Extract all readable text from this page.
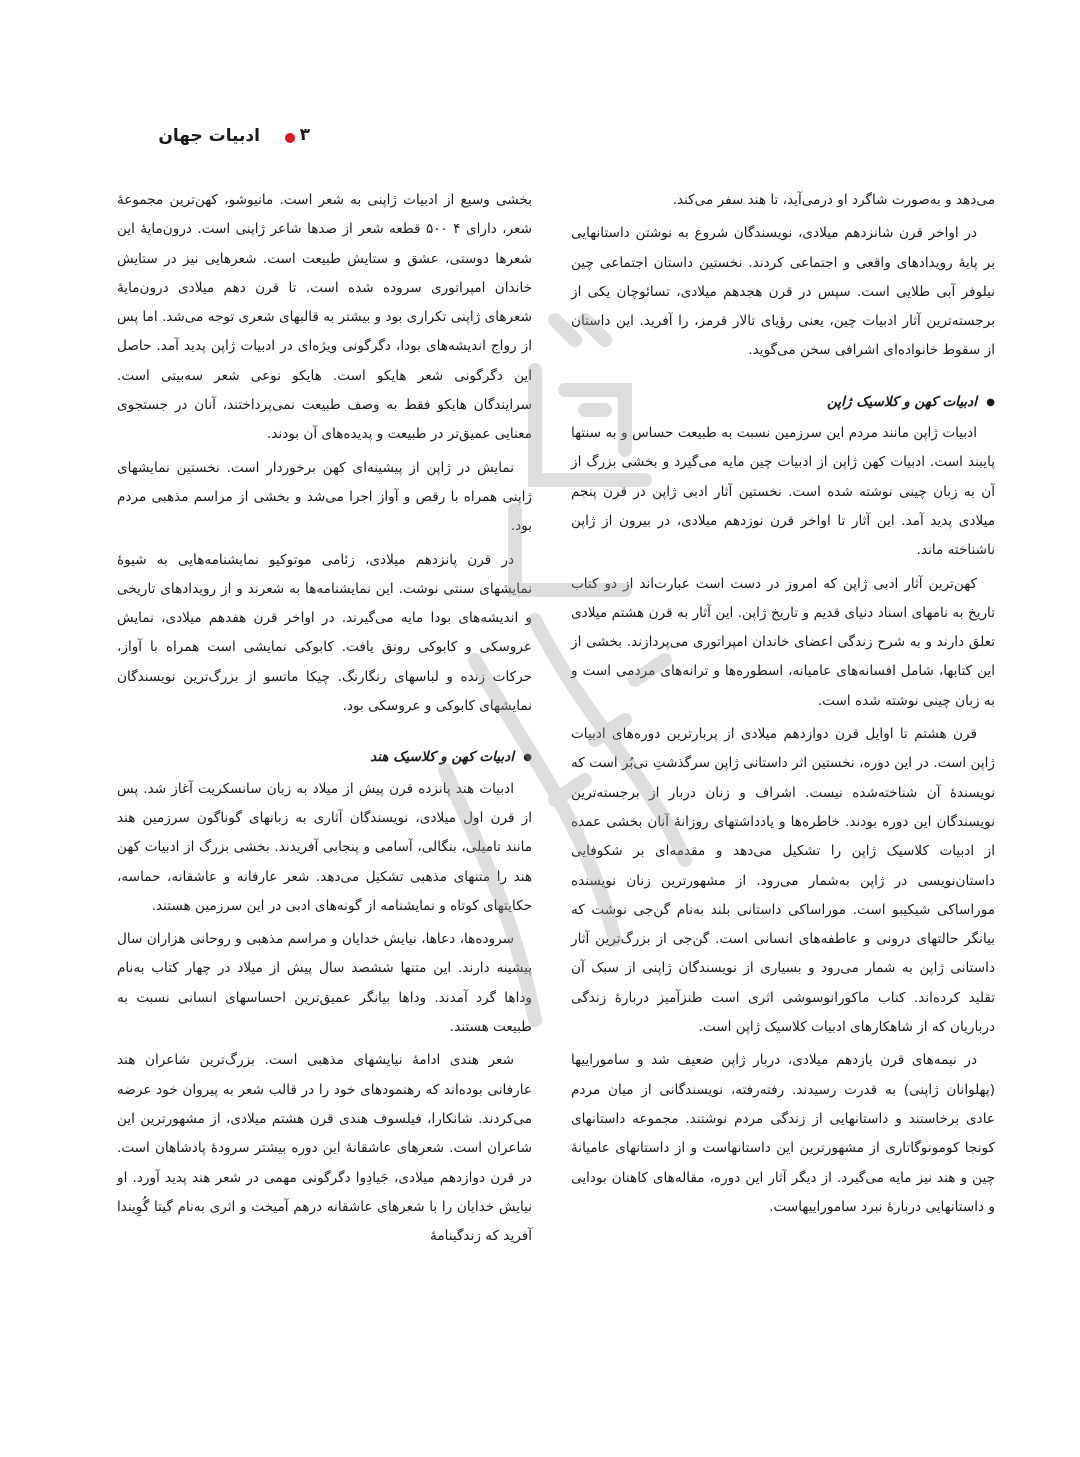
ادبیات جهان ۳

می‌دهد و به‌صورت شاگرد او درمی‌آید، تا هند سفر می‌کند.

در اواخر قرن شانزدهم میلادی، نویسندگان شروع به نوشتن داستانهایی بر پایهٔ رویدادهای واقعی و اجتماعی کردند. نخستین داستان اجتماعی چین نیلوفر آبی طلایی است. سپس در قرن هجدهم میلادی، تسائوچان یکی از برجسته‌ترین آثار ادبیات چین، یعنی رؤیای تالار قرمز، را آفرید. این داستان از سقوط خانواده‌ای اشرافی سخن می‌گوید.

● ادبیات کهن و کلاسیک ژاپن

ادبیات ژاپن مانند مردم این سرزمین نسبت به طبیعت حساس و به سنتها پایبند است. ادبیات کهن ژاپن از ادبیات چین مایه می‌گیرد و بخشی بزرگ از آن به زبان چینی نوشته شده است. نخستین آثار ادبی ژاپن در قرن پنجم میلادی پدید آمد. این آثار تا اواخر قرن نوزدهم میلادی، در بیرون از ژاپن ناشناخته ماند.

کهن‌ترین آثار ادبی ژاپن که امروز در دست است عبارت‌اند از دو کتاب تاریخ به نامهای اسناد دنیای قدیم و تاریخ ژاپن. این آثار به قرن هشتم میلادی تعلق دارند و به شرح زندگی اعضای خاندان امپراتوری می‌پردازند. بخشی از این کتابها، شامل افسانه‌های عامیانه، اسطوره‌ها و ترانه‌های مردمی است و به زبان چینی نوشته شده است.

قرن هشتم تا اوایل قرن دوازدهم میلادی از پربارترین دوره‌های ادبیات ژاپن است. در این دوره، نخستین اثر داستانی ژاپن سرگذشتِ نی‌بُر است که نویسندهٔ آن شناخته‌شده نیست. اشراف و زنان دربار از برجسته‌ترین نویسندگان این دوره بودند. خاطره‌ها و یادداشتهای روزانهٔ آنان بخشی عمده از ادبیات کلاسیک ژاپن را تشکیل می‌دهد و مقدمه‌ای بر شکوفایی داستان‌نویسی در ژاپن به‌شمار می‌رود. از مشهورترین زنان نویسنده موراساکی شیکیبو است. موراساکی داستانی بلند به‌نام گن‌جی نوشت که بیانگر حالتهای درونی و عاطفه‌های انسانی است. گن‌جی از بزرگ‌ترین آثار داستانی ژاپن به شمار می‌رود و بسیاری از نویسندگان ژاپنی از سبک آن تقلید کرده‌اند. کتاب ماکورانوسوشی اثری است طنزآمیز دربارهٔ زندگی درباریان که از شاهکارهای ادبیات کلاسیک ژاپن است.

در نیمه‌های قرن یازدهم میلادی، دربار ژاپن ضعیف شد و ساموراییها (پهلوانان ژاپنی) به قدرت رسیدند. رفته‌رفته، نویسندگانی از میان مردم عادی برخاستند و داستانهایی از زندگی مردم نوشتند. مجموعه داستانهای کونجا کومونوگاتاری از مشهورترین این داستانهاست و از داستانهای عامیانهٔ چین و هند نیز مایه می‌گیرد. از دیگر آثار این دوره، مقاله‌های کاهنان بودایی و داستانهایی دربارهٔ نبرد ساموراییهاست.

بخشی وسیع از ادبیات ژاپنی به شعر است. مانیوشو، کهن‌ترین مجموعهٔ شعر، دارای ۴ ۵۰۰ قطعه شعر از صدها شاعر ژاپنی است. درون‌مایهٔ این شعرها دوستی، عشق و ستایش طبیعت است. شعرهایی نیز در ستایش خاندان امپراتوری سروده شده است. تا قرن دهم میلادی درون‌مایهٔ شعرهای ژاپنی تکراری بود و بیشتر به قالبهای شعری توجه می‌شد. اما پس از رواج اندیشه‌های بودا، دگرگونی ویژه‌ای در ادبیات ژاپن پدید آمد. حاصل این دگرگونی شعر هایکو است. هایکو نوعی شعر سه‌بیتی است. سرایندگان هایکو فقط به وصف طبیعت نمی‌پرداختند، آنان در جستجوی معنایی عمیق‌تر در طبیعت و پدیده‌های آن بودند.

نمایش در ژاپن از پیشینه‌ای کهن برخوردار است. نخستین نمایشهای ژاپنی همراه با رقص و آواز اجرا می‌شد و بخشی از مراسم مذهبی مردم بود.

در قرن پانزدهم میلادی، زئامی موتوکیو نمایشنامه‌هایی به شیوهٔ نمایشهای سنتی نوشت. این نمایشنامه‌ها به شعرند و از رویدادهای تاریخی و اندیشه‌های بودا مایه می‌گیرند. در اواخر قرن هفدهم میلادی، نمایش عروسکی و کابوکی رونق یافت. کابوکی نمایشی است همراه با آواز، حرکات زنده و لباسهای رنگارنگ. چیکا ماتسو از بزرگ‌ترین نویسندگان نمایشهای کابوکی و عروسکی بود.

● ادبیات کهن و کلاسیک هند

ادبیات هند پانزده قرن پیش از میلاد به زبان سانسکریت آغاز شد. پس از قرن اول میلادی، نویسندگان آثاری به زبانهای گوناگون سرزمین هند مانند تامیلی، بنگالی، آسامی و پنجابی آفریدند. بخشی بزرگ از ادبیات کهن هند را متنهای مذهبی تشکیل می‌دهد. شعر عارفانه و عاشقانه، حماسه، حکایتهای کوتاه و نمایشنامه از گونه‌های ادبی در این سرزمین هستند.

سروده‌ها، دعاها، نیایش خدایان و مراسم مذهبی و روحانی هزاران سال پیشینه دارند. این متنها ششصد سال پیش از میلاد در چهار کتاب به‌نام وداها گرد آمدند. وداها بیانگر عمیق‌ترین احساسهای انسانی نسبت به طبیعت هستند.

شعر هندی ادامهٔ نیایشهای مذهبی است. بزرگ‌ترین شاعران هند عارفانی بوده‌اند که رهنمودهای خود را در قالب شعر به پیروان خود عرضه می‌کردند. شانکارا، فیلسوف هندی قرن هشتم میلادی، از مشهورترین این شاعران است. شعرهای عاشقانهٔ این دوره بیشتر سرودهٔ پادشاهان است. در قرن دوازدهم میلادی، جَیادِوا دگرگونی مهمی در شعر هند پدید آورد. او نیایش خدایان را با شعرهای عاشقانه درهم آمیخت و اثری به‌نام گیتا گُوِیندا آفرید که زندگینامهٔ
